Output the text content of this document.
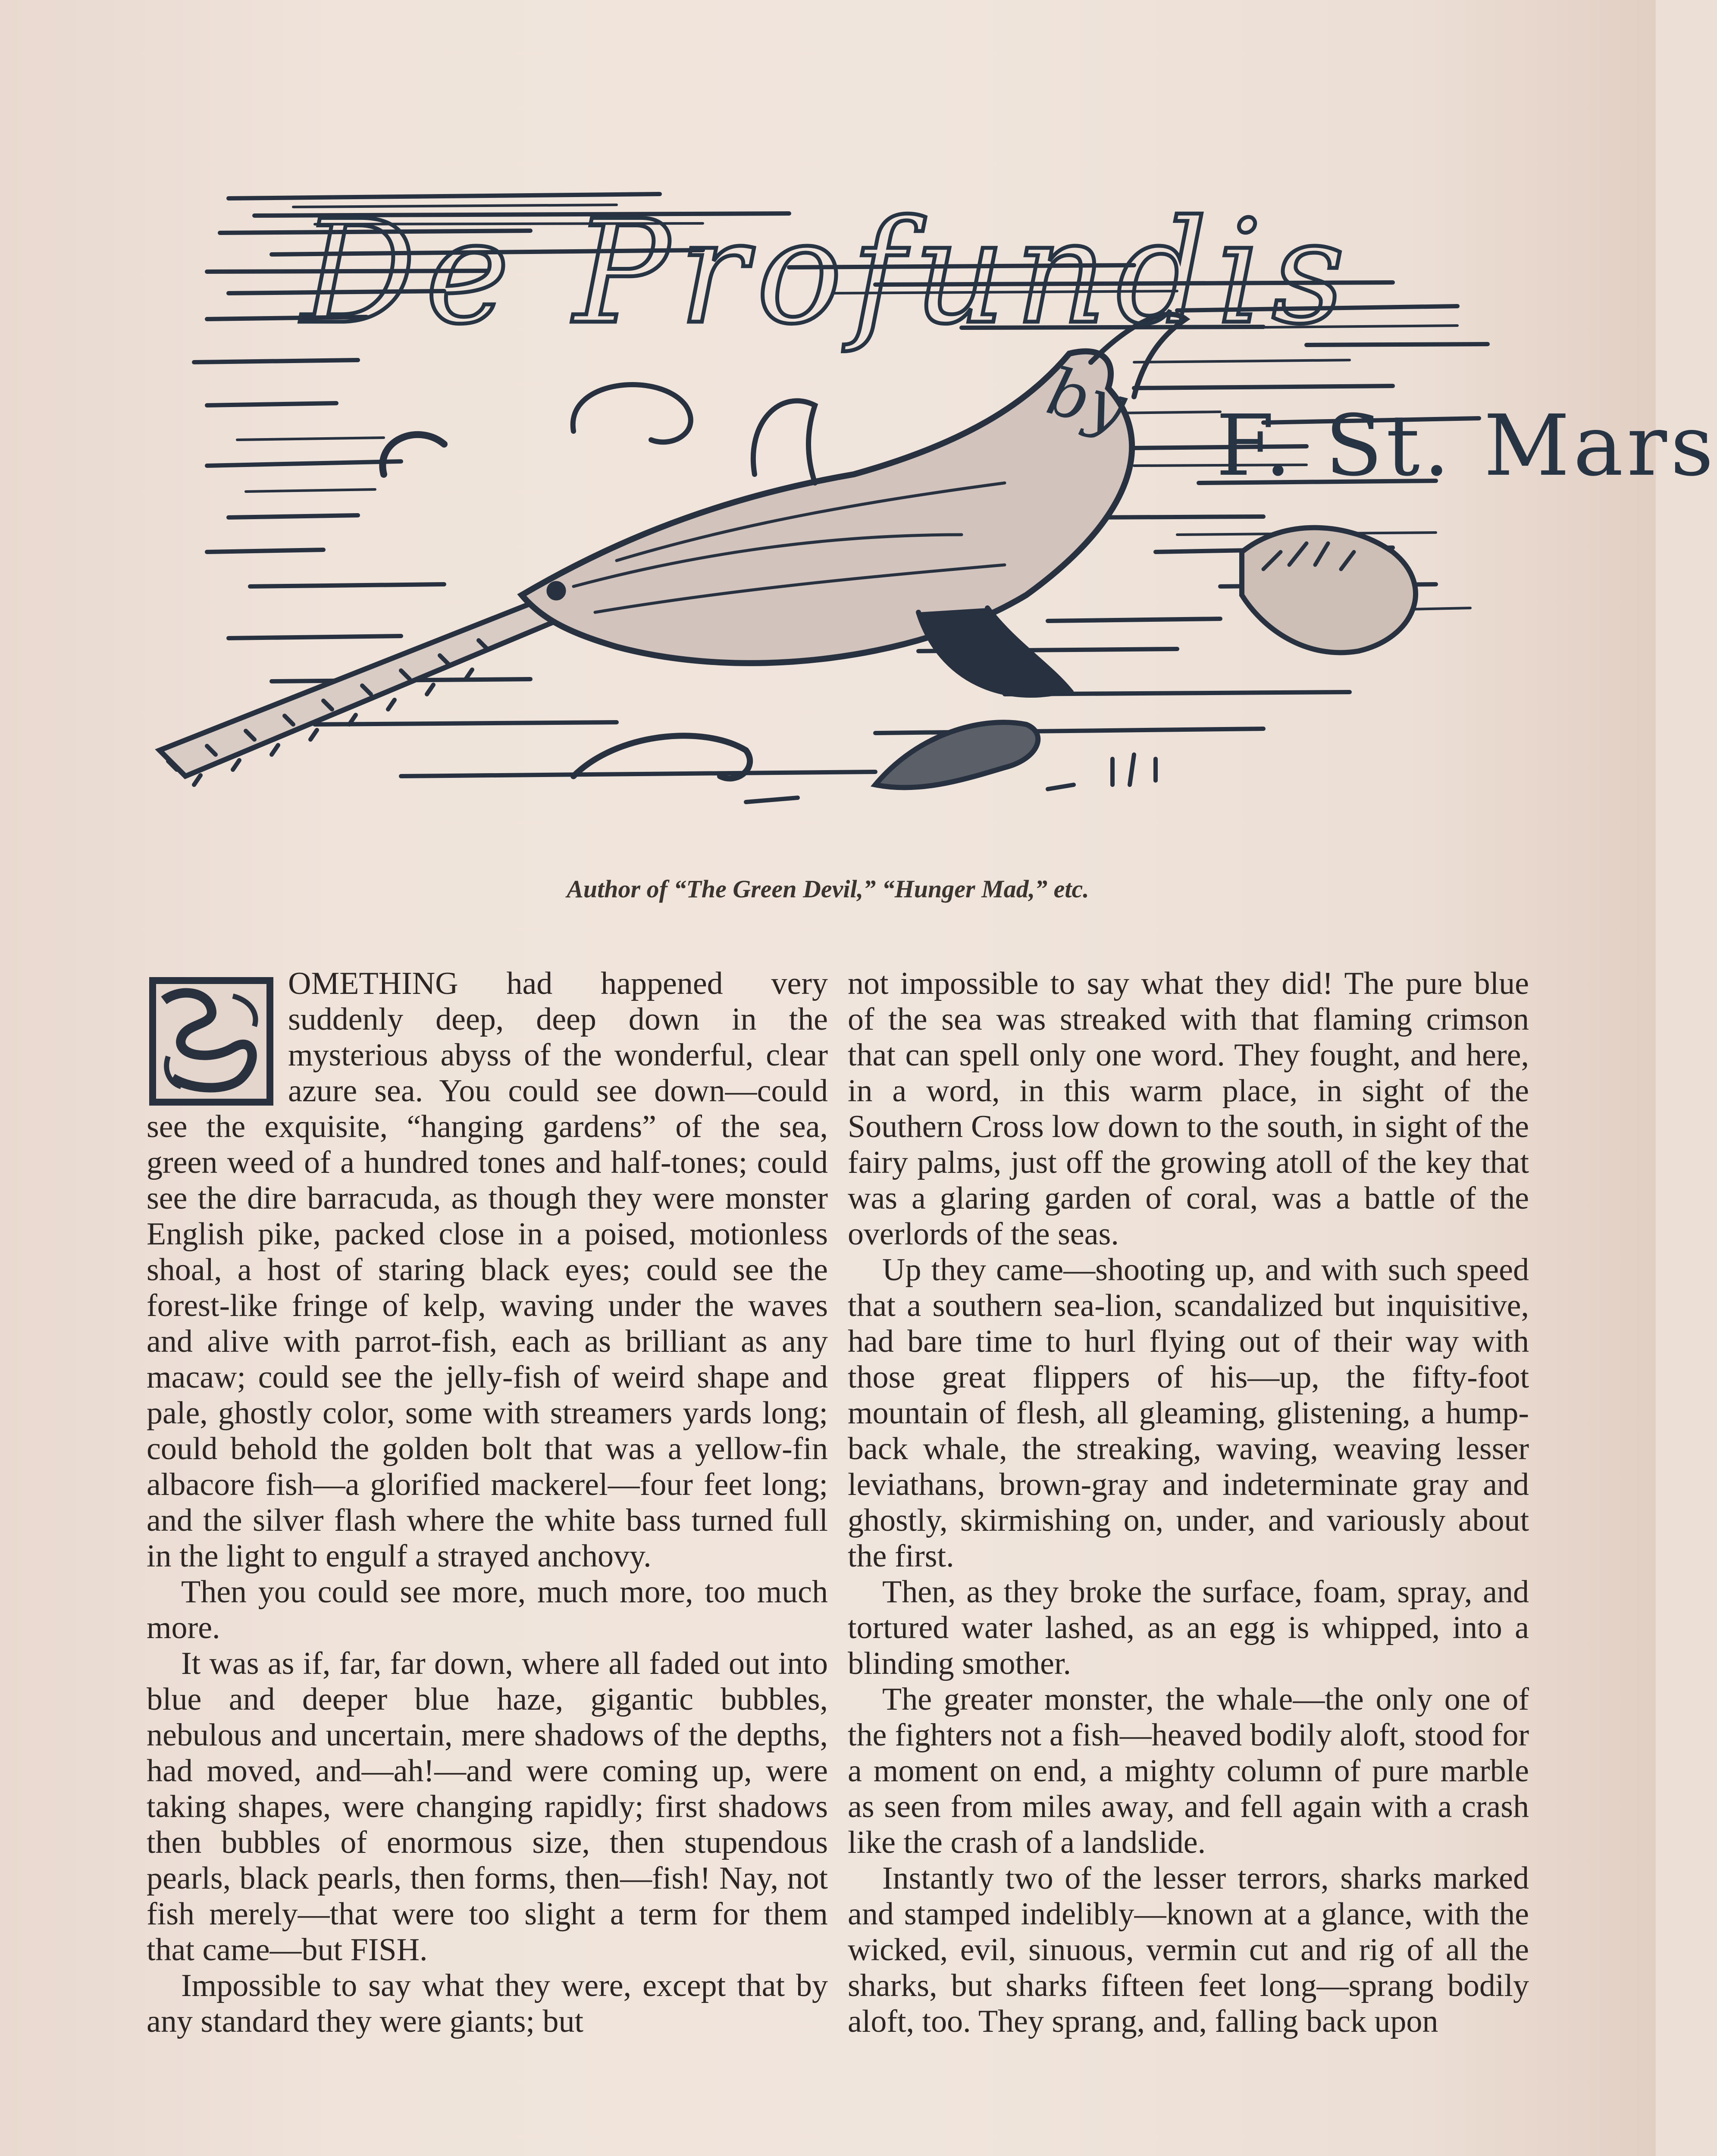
De Profundis
by F. St. Mars
Author of “The Green Devil,” “Hunger Mad,” etc.

OMETHING had happened very suddenly deep, deep down in the mysterious abyss of the wonderful, clear azure sea. You could see down—could see the exquisite, “hanging gardens” of the sea, green weed of a hundred tones and half-tones; could see the dire barracuda, as though they were monster English pike, packed close in a poised, motionless shoal, a host of staring black eyes; could see the forest-like fringe of kelp, waving under the waves and alive with parrot-fish, each as brilliant as any macaw; could see the jelly-fish of weird shape and pale, ghostly color, some with streamers yards long; could behold the golden bolt that was a yellow-fin albacore fish—a glorified mackerel—four feet long; and the silver flash where the white bass turned full in the light to engulf a strayed anchovy.

Then you could see more, much more, too much more.

It was as if, far, far down, where all faded out into blue and deeper blue haze, gigantic bubbles, nebulous and uncertain, mere shadows of the depths, had moved, and—ah!—and were coming up, were taking shapes, were changing rapidly; first shadows then bubbles of enormous size, then stupendous pearls, black pearls, then forms, then—fish! Nay, not fish merely—that were too slight a term for them that came—but FISH.

Impossible to say what they were, except that by any standard they were giants; but

not impossible to say what they did! The pure blue of the sea was streaked with that flaming crimson that can spell only one word. They fought, and here, in a word, in this warm place, in sight of the Southern Cross low down to the south, in sight of the fairy palms, just off the growing atoll of the key that was a glaring garden of coral, was a battle of the overlords of the seas.

Up they came—shooting up, and with such speed that a southern sea-lion, scandalized but inquisitive, had bare time to hurl flying out of their way with those great flippers of his—up, the fifty-foot mountain of flesh, all gleaming, glistening, a humpback whale, the streaking, waving, weaving lesser leviathans, brown-gray and indeterminate gray and ghostly, skirmishing on, under, and variously about the first.

Then, as they broke the surface, foam, spray, and tortured water lashed, as an egg is whipped, into a blinding smother.

The greater monster, the whale—the only one of the fighters not a fish—heaved bodily aloft, stood for a moment on end, a mighty column of pure marble as seen from miles away, and fell again with a crash like the crash of a landslide.

Instantly two of the lesser terrors, sharks marked and stamped indelibly—known at a glance, with the wicked, evil, sinuous, vermin cut and rig of all the sharks, but sharks fifteen feet long—sprang bodily aloft, too. They sprang, and, falling back upon
